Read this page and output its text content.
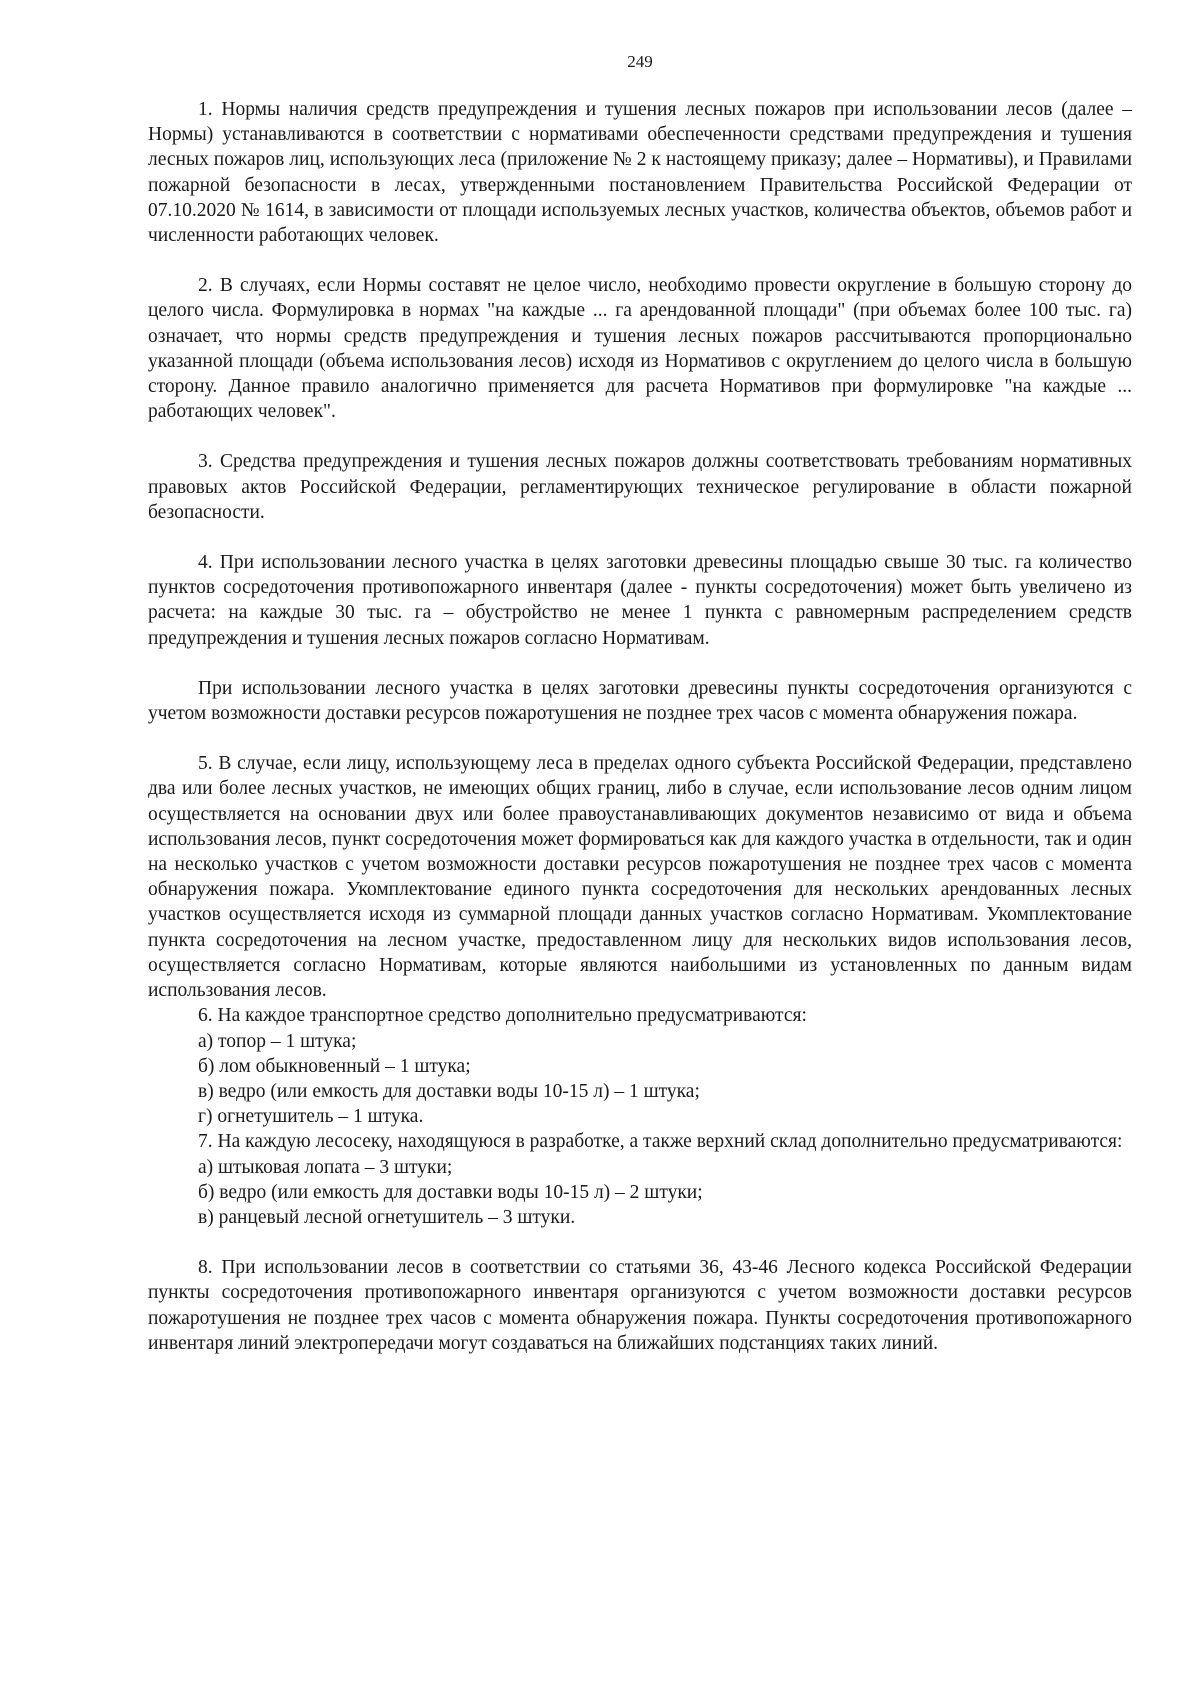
249

1. Нормы наличия средств предупреждения и тушения лесных пожаров при использовании лесов (далее – Нормы) устанавливаются в соответствии с нормативами обеспеченности средствами предупреждения и тушения лесных пожаров лиц, использующих леса (приложение № 2 к настоящему приказу; далее – Нормативы), и Правилами пожарной безопасности в лесах, утвержденными постановлением Правительства Российской Федерации от 07.10.2020 № 1614, в зависимости от площади используемых лесных участков, количества объектов, объемов работ и численности работающих человек.

2. В случаях, если Нормы составят не целое число, необходимо провести округление в большую сторону до целого числа. Формулировка в нормах "на каждые ... га арендованной площади" (при объемах более 100 тыс. га) означает, что нормы средств предупреждения и тушения лесных пожаров рассчитываются пропорционально указанной площади (объема использования лесов) исходя из Нормативов с округлением до целого числа в большую сторону. Данное правило аналогично применяется для расчета Нормативов при формулировке "на каждые ... работающих человек".

3. Средства предупреждения и тушения лесных пожаров должны соответствовать требованиям нормативных правовых актов Российской Федерации, регламентирующих техническое регулирование в области пожарной безопасности.

4. При использовании лесного участка в целях заготовки древесины площадью свыше 30 тыс. га количество пунктов сосредоточения противопожарного инвентаря (далее - пункты сосредоточения) может быть увеличено из расчета: на каждые 30 тыс. га – обустройство не менее 1 пункта с равномерным распределением средств предупреждения и тушения лесных пожаров согласно Нормативам.

При использовании лесного участка в целях заготовки древесины пункты сосредоточения организуются с учетом возможности доставки ресурсов пожаротушения не позднее трех часов с момента обнаружения пожара.

5. В случае, если лицу, использующему леса в пределах одного субъекта Российской Федерации, представлено два или более лесных участков, не имеющих общих границ, либо в случае, если использование лесов одним лицом осуществляется на основании двух или более правоустанавливающих документов независимо от вида и объема использования лесов, пункт сосредоточения может формироваться как для каждого участка в отдельности, так и один на несколько участков с учетом возможности доставки ресурсов пожаротушения не позднее трех часов с момента обнаружения пожара. Укомплектование единого пункта сосредоточения для нескольких арендованных лесных участков осуществляется исходя из суммарной площади данных участков согласно Нормативам. Укомплектование пункта сосредоточения на лесном участке, предоставленном лицу для нескольких видов использования лесов, осуществляется согласно Нормативам, которые являются наибольшими из установленных по данным видам использования лесов.

6. На каждое транспортное средство дополнительно предусматриваются:

а) топор – 1 штука;

б) лом обыкновенный – 1 штука;

в) ведро (или емкость для доставки воды 10-15 л) – 1 штука;

г) огнетушитель – 1 штука.

7. На каждую лесосеку, находящуюся в разработке, а также верхний склад дополнительно предусматриваются:

а) штыковая лопата – 3 штуки;

б) ведро (или емкость для доставки воды 10-15 л) – 2 штуки;

в) ранцевый лесной огнетушитель – 3 штуки.

8. При использовании лесов в соответствии со статьями 36, 43-46 Лесного кодекса Российской Федерации пункты сосредоточения противопожарного инвентаря организуются с учетом возможности доставки ресурсов пожаротушения не позднее трех часов с момента обнаружения пожара. Пункты сосредоточения противопожарного инвентаря линий электропередачи могут создаваться на ближайших подстанциях таких линий.
